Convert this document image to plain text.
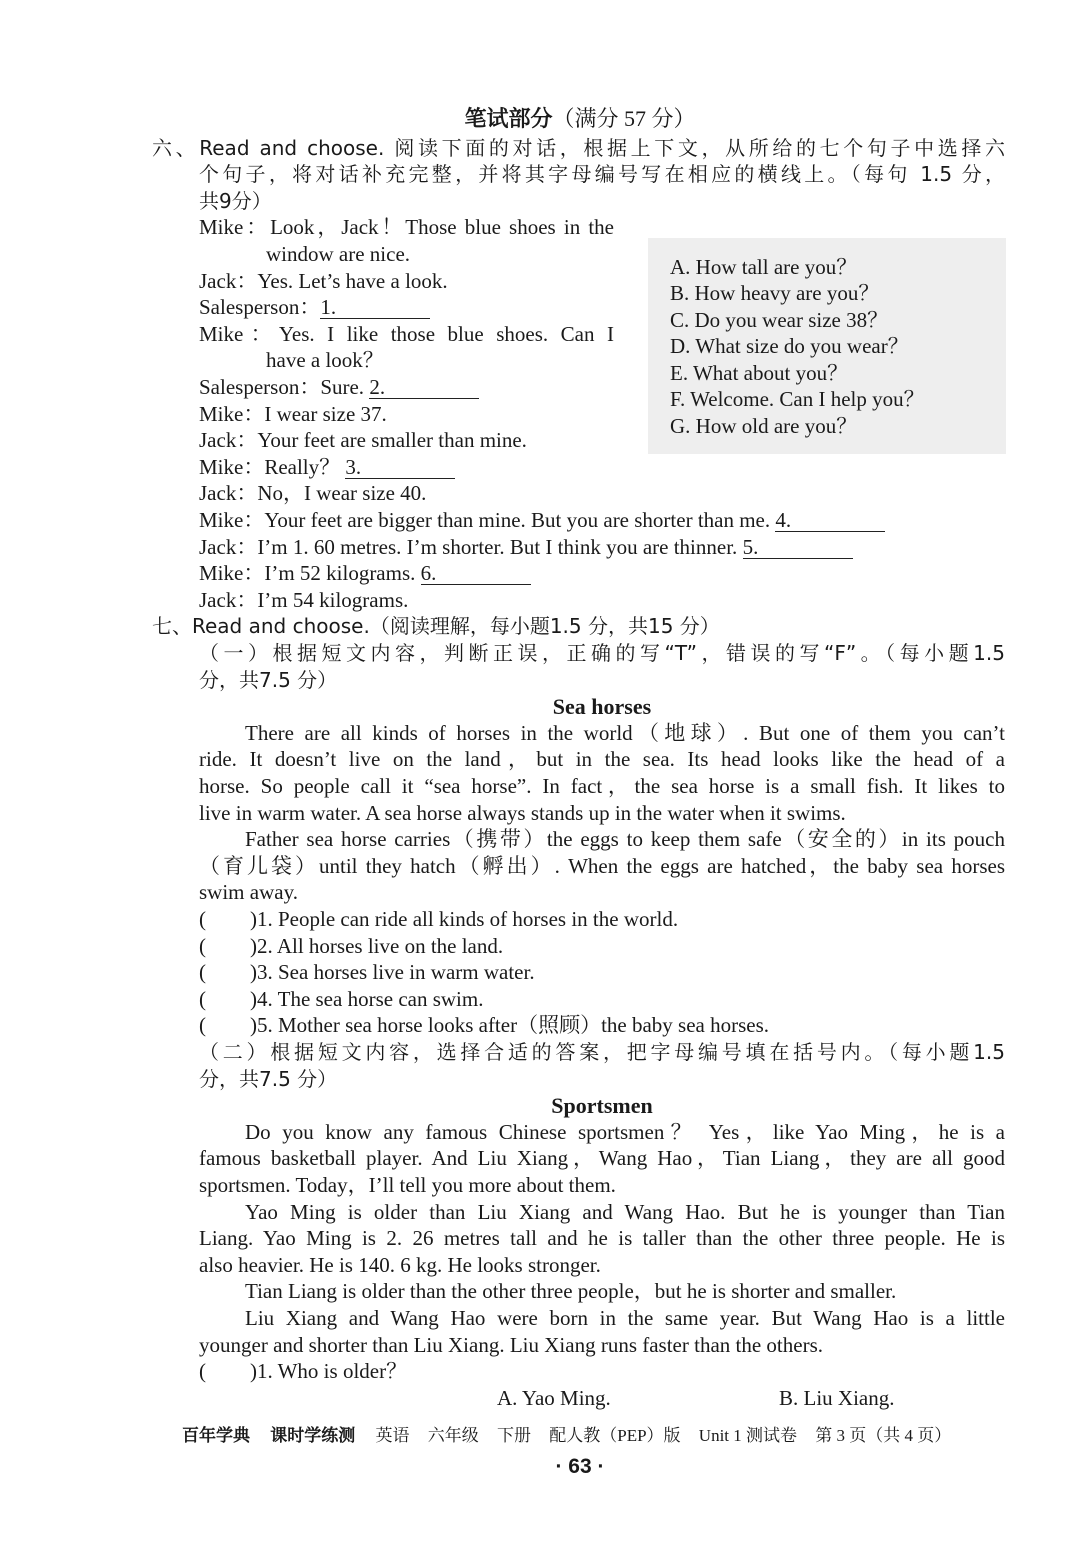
笔试部分（满分 57 分）
A. How tall are you？
B. How heavy are you？
C. Do you wear size 38？
D. What size do you wear？
E. What about you？
F. Welcome. Can I help you？
G. How old are you？
六、Read and choose. 阅读下面的对话，根据上下文，从所给的七个句子中选择六
个句子，将对话补充完整，并将其字母编号写在相应的横线上。（每句 1.5 分，
共9分）
Mike：Look，Jack！Those blue shoes in the
window are nice.
Jack：Yes. Let’s have a look.
Salesperson：1.
Mike：Yes. I like those blue shoes. Can I
have a look？
Salesperson：Sure. 2.
Mike：I wear size 37.
Jack：Your feet are smaller than mine.
Mike：Really？ 3.
Jack：No，I wear size 40.
Mike：Your feet are bigger than mine. But you are shorter than me. 4.
Jack：I’m 1. 60 metres. I’m shorter. But I think you are thinner. 5.
Mike：I’m 52 kilograms. 6.
Jack：I’m 54 kilograms.
七、Read and choose.（阅读理解，每小题1.5 分，共15 分）
（一）根据短文内容，判断正误，正确的写“T”，错误的写“F”。（每小题1.5
分，共7.5 分）
Sea horses
There are all kinds of horses in the world（地球）. But one of them you can’t
ride. It doesn’t live on the land，but in the sea. Its head looks like the head of a
horse. So people call it “sea horse”. In fact，the sea horse is a small fish. It likes to
live in warm water. A sea horse always stands up in the water when it swims.
Father sea horse carries（携带）the eggs to keep them safe（安全的）in its pouch
（育儿袋）until they hatch（孵出）. When the eggs are hatched，the baby sea horses
swim away.
( )1. People can ride all kinds of horses in the world.
( )2. All horses live on the land.
( )3. Sea horses live in warm water.
( )4. The sea horse can swim.
( )5. Mother sea horse looks after（照顾）the baby sea horses.
（二）根据短文内容，选择合适的答案，把字母编号填在括号内。（每小题1.5
分，共7.5 分）
Sportsmen
Do you know any famous Chinese sportsmen？ Yes，like Yao Ming，he is a
famous basketball player. And Liu Xiang，Wang Hao，Tian Liang，they are all good
sportsmen. Today，I’ll tell you more about them.
Yao Ming is older than Liu Xiang and Wang Hao. But he is younger than Tian
Liang. Yao Ming is 2. 26 metres tall and he is taller than the other three people. He is
also heavier. He is 140. 6 kg. He looks stronger.
Tian Liang is older than the other three people，but he is shorter and smaller.
Liu Xiang and Wang Hao were born in the same year. But Wang Hao is a little
younger and shorter than Liu Xiang. Liu Xiang runs faster than the others.
( )1. Who is older？
A. Yao Ming.	B. Liu Xiang.
百年学典 课时学练测 英语 六年级 下册 配人教（PEP）版 Unit 1 测试卷 第 3 页（共 4 页）
· 63 ·
